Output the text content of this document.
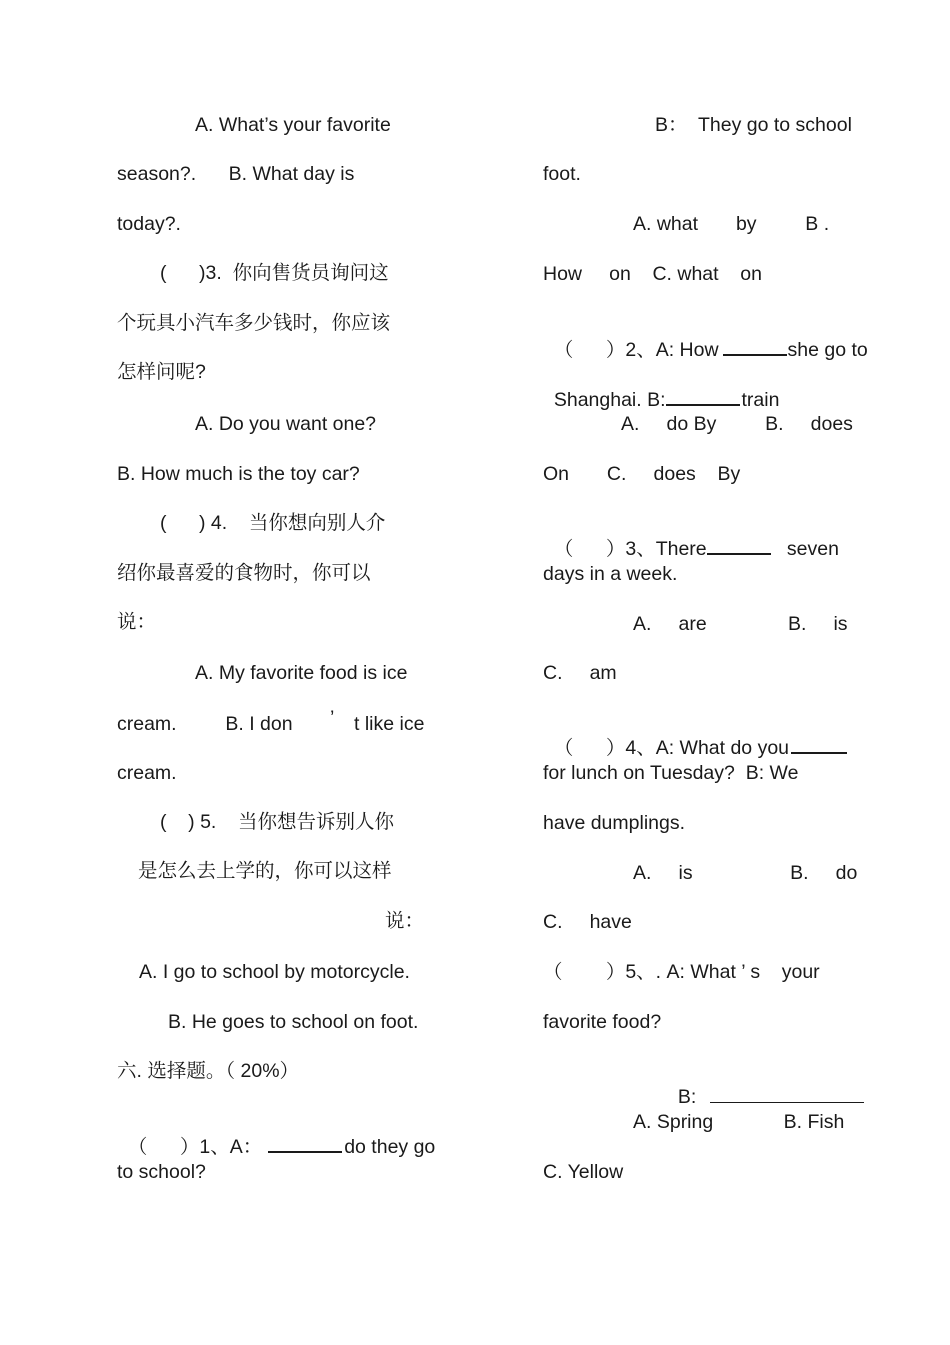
A. What’s your favorite
season?.      B. What day is
today?.
(      )3.  你向售货员询问这
个玩具小汽车多少钱时，你应该
怎样问呢?
A. Do you want one?
B. How much is the toy car?
(      ) 4.    当你想向别人介
绍你最喜爱的食物时，你可以
说：
A. My favorite food is ice
cream.         B. I don ’ t like ice
cream.
(    ) 5.    当你想告诉别人你
是怎么去上学的，你可以这样
说：
A. I go to school by motorcycle.
B. He goes to school on foot.
六. 选择题。（ 20%）

（      ）1、A：	do they go

to school?
B：  They go to school
foot.
A. what       by         B .
How     on    C. what    on

（      ）2、A: How	she go to

Shanghai. B:	train

A.     do By         B.     does
On       C.     does    By

（      ）3、There	seven

days in a week.
A.     are               B.     is
C.     am

（      ）4、A: What do you

for lunch on Tuesday?  B: We
have dumplings.
A.     is                  B.     do
C.     have
（        ）5、. A: What ’ s    your
favorite food?

B:

A. Spring             B. Fish
C. Yellow
